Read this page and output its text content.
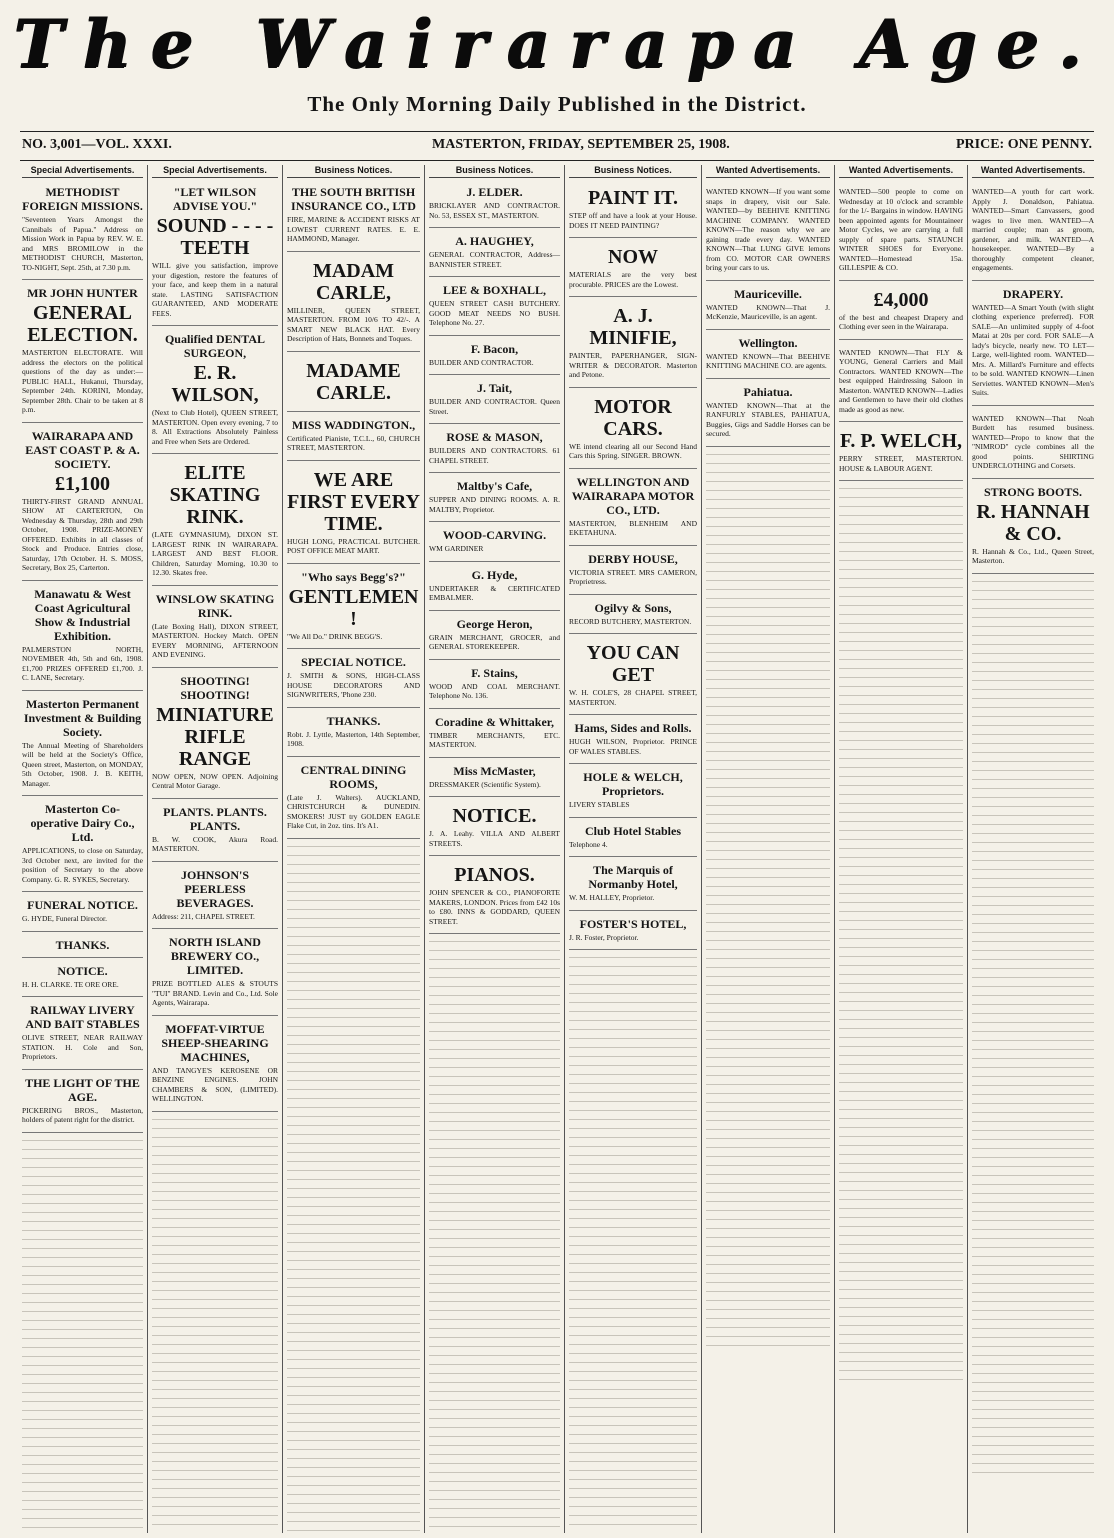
The Wairarapa Age.
The Only Morning Daily Published in the District.
NO. 3,001—VOL. XXXI.	MASTERTON, FRIDAY, SEPTEMBER 25, 1908.	PRICE: ONE PENNY.
Special Advertisements.
METHODIST FOREIGN MISSIONS.
"Seventeen Years Amongst the Cannibals of Papua." Address on Mission Work in Papua by REV. W. E. and MRS BROMILOW in the METHODIST CHURCH, Masterton, TO-NIGHT, Sept. 25th, at 7.30 p.m.
MR JOHN HUNTER
GENERAL ELECTION.
MASTERTON ELECTORATE. Will address the electors on the political questions of the day as under:— PUBLIC HALL, Hukanui, Thursday, September 24th. KORINI, Monday, September 28th. Chair to be taken at 8 p.m.
WAIRARAPA AND EAST COAST P. & A. SOCIETY.
£1,100
THIRTY-FIRST GRAND ANNUAL SHOW AT CARTERTON, On Wednesday & Thursday, 28th and 29th October, 1908. PRIZE-MONEY OFFERED. Exhibits in all classes of Stock and Produce. Entries close, Saturday, 17th October. H. S. MOSS, Secretary, Box 25, Carterton.
Manawatu & West Coast Agricultural Show & Industrial Exhibition.
PALMERSTON NORTH, NOVEMBER 4th, 5th and 6th, 1908. £1,700 PRIZES OFFERED £1,700. J. C. LANE, Secretary.
Masterton Permanent Investment & Building Society.
The Annual Meeting of Shareholders will be held at the Society's Office, Queen street, Masterton, on MONDAY, 5th October, 1908. J. B. KEITH, Manager.
Masterton Co-operative Dairy Co., Ltd.
APPLICATIONS, to close on Saturday, 3rd October next, are invited for the position of Secretary to the above Company. G. R. SYKES, Secretary.
FUNERAL NOTICE.
G. HYDE, Funeral Director.
THANKS.
NOTICE.
H. H. CLARKE. TE ORE ORE.
RAILWAY LIVERY AND BAIT STABLES
OLIVE STREET, NEAR RAILWAY STATION. H. Cole and Son, Proprietors.
THE LIGHT OF THE AGE.
PICKERING BROS., Masterton, holders of patent right for the district.
Special Advertisements.
"LET WILSON ADVISE YOU."
SOUND - - - - TEETH
WILL give you satisfaction, improve your digestion, restore the features of your face, and keep them in a natural state. LASTING SATISFACTION GUARANTEED, AND MODERATE FEES.
Qualified DENTAL SURGEON,
E. R. WILSON,
(Next to Club Hotel), QUEEN STREET, MASTERTON. Open every evening, 7 to 8. All Extractions Absolutely Painless and Free when Sets are Ordered.
ELITE SKATING RINK.
(LATE GYMNASIUM), DIXON ST. LARGEST RINK IN WAIRARAPA. LARGEST AND BEST FLOOR. Children, Saturday Morning, 10.30 to 12.30. Skates free.
WINSLOW SKATING RINK.
(Late Boxing Hall), DIXON STREET, MASTERTON. Hockey Match. OPEN EVERY MORNING, AFTERNOON AND EVENING.
SHOOTING! SHOOTING!
MINIATURE RIFLE RANGE
NOW OPEN, NOW OPEN. Adjoining Central Motor Garage.
PLANTS. PLANTS. PLANTS.
B. W. COOK, Akura Road. MASTERTON.
JOHNSON'S PEERLESS BEVERAGES.
Address: 211, CHAPEL STREET.
NORTH ISLAND BREWERY CO., LIMITED.
PRIZE BOTTLED ALES & STOUTS "TUI" BRAND. Levin and Co., Ltd. Sole Agents, Wairarapa.
MOFFAT-VIRTUE SHEEP-SHEARING MACHINES,
AND TANGYE'S KEROSENE OR BENZINE ENGINES. JOHN CHAMBERS & SON, (LIMITED). WELLINGTON.
Business Notices.
THE SOUTH BRITISH INSURANCE CO., LTD
FIRE, MARINE & ACCIDENT RISKS AT LOWEST CURRENT RATES. E. E. HAMMOND, Manager.
MADAM CARLE,
MILLINER, QUEEN STREET, MASTERTON. FROM 10/6 TO 42/-. A SMART NEW BLACK HAT. Every Description of Hats, Bonnets and Toques.
MADAME CARLE.
MISS WADDINGTON.,
Certificated Pianiste, T.C.L., 60, CHURCH STREET, MASTERTON.
WE ARE FIRST EVERY TIME.
HUGH LONG, PRACTICAL BUTCHER. POST OFFICE MEAT MART.
"Who says Begg's?"
GENTLEMEN !
"We All Do." DRINK BEGG'S.
SPECIAL NOTICE.
J. SMITH & SONS, HIGH-CLASS HOUSE DECORATORS AND SIGNWRITERS, 'Phone 230.
THANKS.
Robt. J. Lyttle, Masterton, 14th September, 1908.
CENTRAL DINING ROOMS,
(Late J. Walters). AUCKLAND, CHRISTCHURCH & DUNEDIN. SMOKERS! JUST try GOLDEN EAGLE Flake Cut, in 2oz. tins. It's A1.
Business Notices.
J. ELDER.
BRICKLAYER AND CONTRACTOR. No. 53, ESSEX ST., MASTERTON.
A. HAUGHEY,
GENERAL CONTRACTOR, Address—BANNISTER STREET.
LEE & BOXHALL,
QUEEN STREET CASH BUTCHERY. GOOD MEAT NEEDS NO BUSH. Telephone No. 27.
F. Bacon,
BUILDER AND CONTRACTOR.
J. Tait,
BUILDER AND CONTRACTOR. Queen Street.
ROSE & MASON,
BUILDERS AND CONTRACTORS. 61 CHAPEL STREET.
Maltby's Cafe,
SUPPER AND DINING ROOMS. A. R. MALTBY, Proprietor.
WOOD-CARVING.
WM GARDINER
G. Hyde,
UNDERTAKER & CERTIFICATED EMBALMER.
George Heron,
GRAIN MERCHANT, GROCER, and GENERAL STOREKEEPER.
F. Stains,
WOOD AND COAL MERCHANT. Telephone No. 136.
Coradine & Whittaker,
TIMBER MERCHANTS, ETC. MASTERTON.
Miss McMaster,
DRESSMAKER (Scientific System).
NOTICE.
J. A. Leahy. VILLA AND ALBERT STREETS.
PIANOS.
JOHN SPENCER & CO., PIANOFORTE MAKERS, LONDON. Prices from £42 10s to £80. INNS & GODDARD, QUEEN STREET.
Business Notices.
PAINT IT.
STEP off and have a look at your House. DOES IT NEED PAINTING?
NOW
MATERIALS are the very best procurable. PRICES are the Lowest.
A. J. MINIFIE,
PAINTER, PAPERHANGER, SIGN-WRITER & DECORATOR. Masterton and Petone.
MOTOR CARS.
WE intend clearing all our Second Hand Cars this Spring. SINGER. BROWN.
WELLINGTON AND WAIRARAPA MOTOR CO., LTD.
MASTERTON, BLENHEIM AND EKETAHUNA.
DERBY HOUSE,
VICTORIA STREET. MRS CAMERON, Proprietress.
Ogilvy & Sons,
RECORD BUTCHERY, MASTERTON.
YOU CAN GET
W. H. COLE'S, 28 CHAPEL STREET, MASTERTON.
Hams, Sides and Rolls.
HUGH WILSON, Proprietor. PRINCE OF WALES STABLES.
HOLE & WELCH, Proprietors.
LIVERY STABLES
Club Hotel Stables
Telephone 4.
The Marquis of Normanby Hotel,
W. M. HALLEY, Proprietor.
FOSTER'S HOTEL,
J. R. Foster, Proprietor.
Wanted Advertisements.
WANTED KNOWN—If you want some snaps in drapery, visit our Sale. WANTED—by BEEHIVE KNITTING MACHINE COMPANY. WANTED KNOWN—The reason why we are gaining trade every day. WANTED KNOWN—That LUNG GIVE lemons from CO. MOTOR CAR OWNERS bring your cars to us.
Mauriceville.
WANTED KNOWN—That J. McKenzie, Mauriceville, is an agent.
Wellington.
WANTED KNOWN—That BEEHIVE KNITTING MACHINE CO. are agents.
Pahiatua.
WANTED KNOWN—That at the RANFURLY STABLES, PAHIATUA, Buggies, Gigs and Saddle Horses can be secured.
Wanted Advertisements.
WANTED—500 people to come on Wednesday at 10 o'clock and scramble for the 1/- Bargains in window. HAVING been appointed agents for Mountaineer Motor Cycles, we are carrying a full supply of spare parts. STAUNCH WINTER SHOES for Everyone. WANTED—Homestead 15a. GILLESPIE & CO.
£4,000
of the best and cheapest Drapery and Clothing ever seen in the Wairarapa.
WANTED KNOWN—That FLY & YOUNG, General Carriers and Mail Contractors. WANTED KNOWN—The best equipped Hairdressing Saloon in Masterton. WANTED KNOWN—Ladies and Gentlemen to have their old clothes made as good as new.
F. P. WELCH,
PERRY STREET, MASTERTON. HOUSE & LABOUR AGENT.
Wanted Advertisements.
WANTED—A youth for cart work. Apply J. Donaldson, Pahiatua. WANTED—Smart Canvassers, good wages to live men. WANTED—A married couple; man as groom, gardener, and milk. WANTED—A housekeeper. WANTED—By a thoroughly competent cleaner, engagements.
DRAPERY.
WANTED—A Smart Youth (with slight clothing experience preferred). FOR SALE—An unlimited supply of 4-foot Matai at 20s per cord. FOR SALE—A lady's bicycle, nearly new. TO LET—Large, well-lighted room. WANTED—Mrs. A. Millard's Furniture and effects to be sold. WANTED KNOWN—Linen Serviettes. WANTED KNOWN—Men's Suits.
WANTED KNOWN—That Noah Burdett has resumed business. WANTED—Propo to know that the "NIMROD" cycle combines all the good points. SHIRTING UNDERCLOTHING and Corsets.
STRONG BOOTS.
R. HANNAH & CO.
R. Hannah & Co., Ltd., Queen Street, Masterton.
